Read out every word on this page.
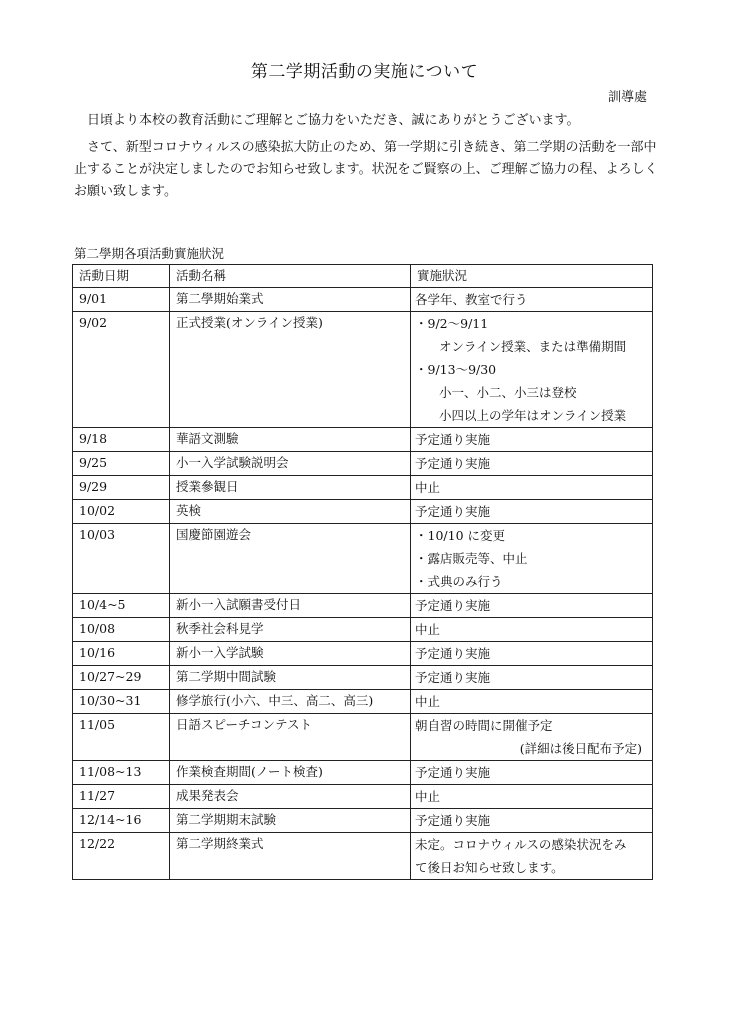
第二学期活動の実施について
訓導處

日頃より本校の教育活動にご理解とご協力をいただき、誠にありがとうございます。

さて、新型コロナウィルスの感染拡大防止のため、第一学期に引き続き、第二学期の活動を一部中止することが決定しましたのでお知らせ致します。状況をご賢察の上、ご理解ご協力の程、よろしくお願い致します。

第二學期各項活動實施狀況
活動日期	活動名稱	實施狀況
9/01	第二學期始業式	各学年、教室で行う

9/02	正式授業(オンライン授業)	・9/2〜9/11
オンライン授業、または準備期間
・9/13〜9/30
小一、小二、小三は登校
小四以上の学年はオンライン授業

9/18	華語文測驗	予定通り実施

9/25	小一入学試験説明会	予定通り実施

9/29	授業參観日	中止

10/02	英検	予定通り実施

10/03	国慶節園遊会	・10/10 に変更
・露店販売等、中止
・式典のみ行う

10/4~5	新小一入試願書受付日	予定通り実施

10/08	秋季社会科見学	中止

10/16	新小一入学試験	予定通り実施

10/27~29	第二学期中間試験	予定通り実施

10/30~31	修学旅行(小六、中三、高二、高三)	中止

11/05	日語スピーチコンテスト	朝自習の時間に開催予定
(詳細は後日配布予定)

11/08~13	作業検査期間(ノート検査)	予定通り実施

11/27	成果発表会	中止

12/14~16	第二学期期末試験	予定通り実施

12/22	第二学期終業式	未定。コロナウィルスの感染状況をみ
て後日お知らせ致します。
